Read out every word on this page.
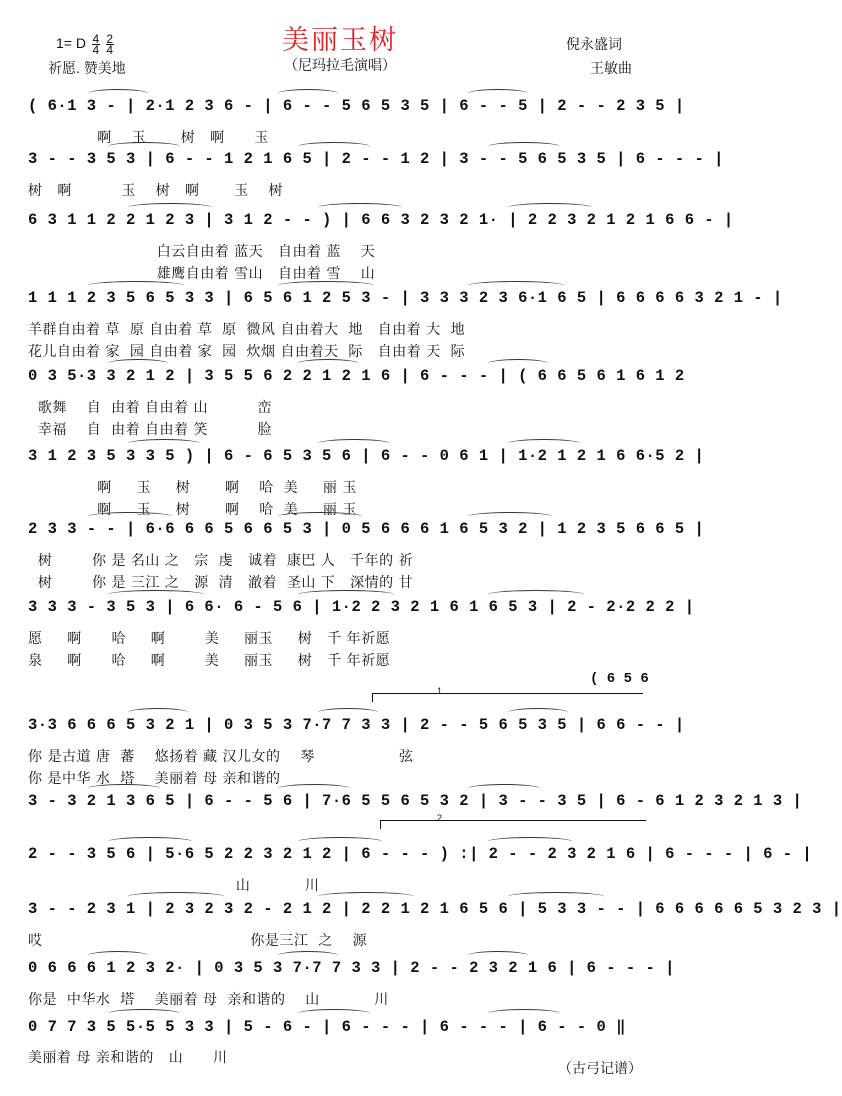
1= D $\frac{4}{4}$
$\frac{2}{4}$
祈愿. 赞美地
美丽玉树
（尼玛拉毛演唱）
倪永盛词
王敏曲
( 6·1 3 - | 2·1 2 3 6 - | 6 - - 5 6 5 3 5 | 6 - - 5 | 2 - - 2 3 5 |
啊    玉       树   啊      玉
3 - - 3 5 3 | 6 - - 1 2 1 6 5 | 2 - - 1 2 | 3 - - 5 6 5 3 5 | 6 - - - |
树   啊          玉    树   啊       玉    树
6 3 1 1 2 2 1 2 3 | 3 1 2 - - ) | 6 6 3 2 3 2 1· | 2 2 3 2 1 2 1 6 6 - |
白云自由着 蓝天   自由着 蓝    天
雄鹰自由着 雪山   自由着 雪    山
1 1 1 2 3 5 6 5 3 3 | 6 5 6 1 2 5 3 - | 3 3 3 2 3 6·1 6 5 | 6 6 6 6 3 2 1 - |
羊群自由着 草  原 自由着 草  原  微风 自由着大  地   自由着 大  地
花儿自由着 家  园 自由着 家  园  炊烟 自由着天  际   自由着 天  际
0 3 5·3 3 2 1 2 | 3 5 5 6 2 2 1 2 1 6 | 6 - - - | ( 6 6 5 6 1 6 1 2
歌舞    自  由着 自由着 山          峦
幸福    自  由着 自由着 笑          脸
3 1 2 3 5 3 3 5 ) | 6 - 6 5 3 5 6 | 6 - - 0 6 1 | 1·2 1 2 1 6 6·5 2 |
啊     玉     树       啊    哈  美     丽 玉
啊     玉     树       啊    哈  美     丽 玉
2 3 3 - - | 6·6 6 6 5 6 6 5 3 | 0 5 6 6 6 1 6 5 3 2 | 1 2 3 5 6 6 5 |
树        你 是 名山 之   宗  虔   诚着  康巴 人   千年的 祈
树        你 是 三江 之   源  清   澈着  圣山 下   深情的 甘
3 3 3 - 3 5 3 | 6 6· 6 - 5 6 | 1·2 2 3 2 1 6 1 6 5 3 | 2 - 2·2 2 2 |
愿     啊      哈     啊        美     丽玉     树   千 年祈愿
泉     啊      哈     啊        美     丽玉     树   千 年祈愿
3·3 6 6 6 5 3 2 1 | 0 3 5 3 7·7 7 3 3 | 2 - - 5 6 5 3 5 | 6 6 - - |
你 是古道 唐  蕃    悠扬着 藏 汉儿女的    琴                 弦
你 是中华 水  塔    美丽着 母 亲和谐的
3 - 3 2 1 3 6 5 | 6 - - 5 6 | 7·6 5 5 6 5 3 2 | 3 - - 3 5 | 6 - 6 1 2 3 2 1 3 |
2 - - 3 5 6 | 5·6 5 2 2 3 2 1 2 | 6 - - - ) :| 2 - - 2 3 2 1 6 | 6 - - - | 6 - |
山           川
3 - - 2 3 1 | 2 3 2 3 2 - 2 1 2 | 2 2 1 2 1 6 5 6 | 5 3 3 - - | 6 6 6 6 6 5 3 2 3 |
哎                                          你是三江  之    源
0 6 6 6 1 2 3 2· | 0 3 5 3 7·7 7 3 3 | 2 - - 2 3 2 1 6 | 6 - - - |
你是  中华水  塔    美丽着 母  亲和谐的    山           川
0 7 7 3 5 5·5 5 3 3 | 5 - 6 - | 6 - - - | 6 - - - | 6 - - 0 ‖
美丽着 母 亲和谐的   山      川
( 6 5 6
1
2
（古弓记谱）
